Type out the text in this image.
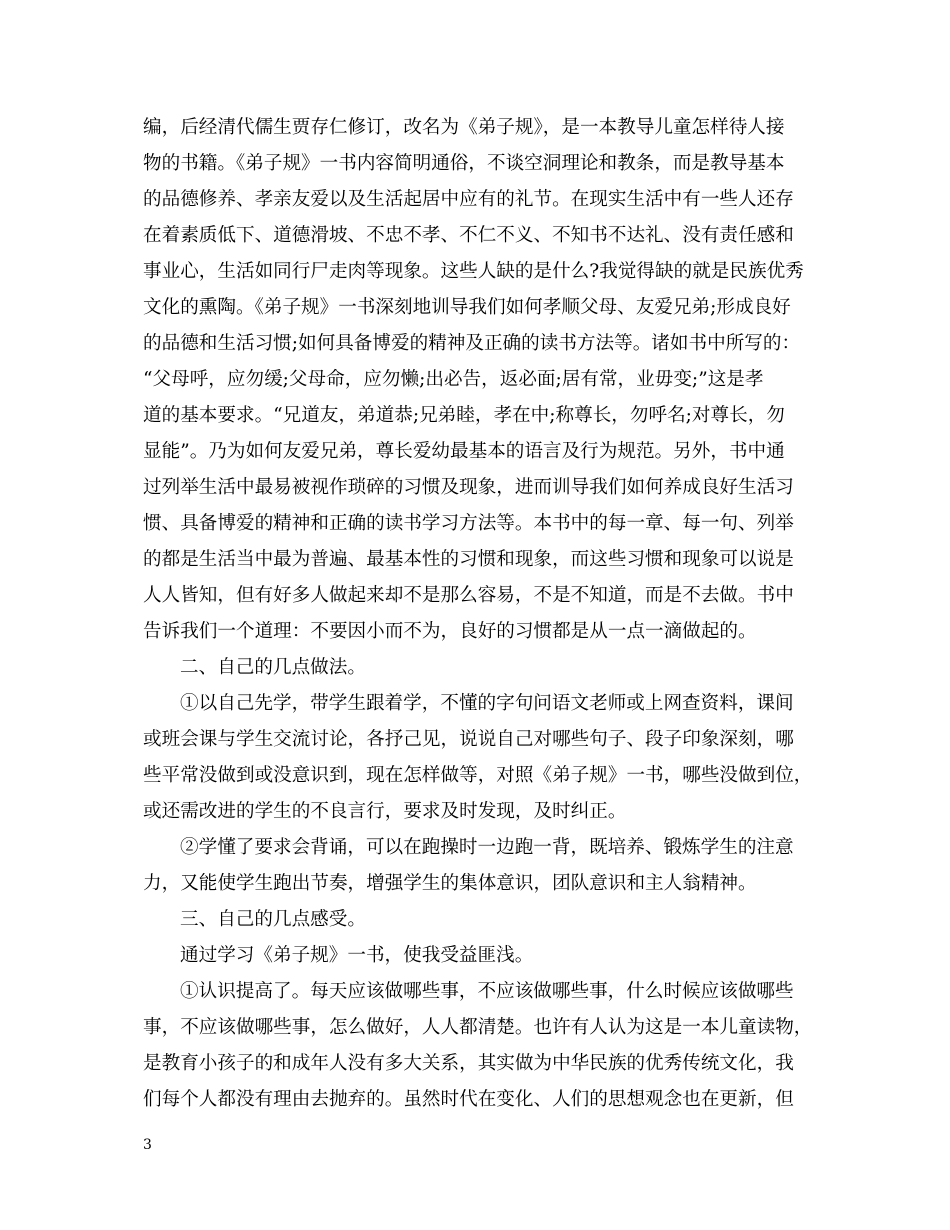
编，后经清代儒生贾存仁修订，改名为《弟子规》，是一本教导儿童怎样待人接
物的书籍。《弟子规》一书内容简明通俗，不谈空洞理论和教条，而是教导基本
的品德修养、孝亲友爱以及生活起居中应有的礼节。在现实生活中有一些人还存
在着素质低下、道德滑坡、不忠不孝、不仁不义、不知书不达礼、没有责任感和
事业心，生活如同行尸走肉等现象。这些人缺的是什么?我觉得缺的就是民族优秀
文化的熏陶。《弟子规》一书深刻地训导我们如何孝顺父母、友爱兄弟;形成良好
的品德和生活习惯;如何具备博爱的精神及正确的读书方法等。诸如书中所写的：
“父母呼，应勿缓;父母命，应勿懒;出必告，返必面;居有常，业毋变;”这是孝
道的基本要求。“兄道友，弟道恭;兄弟睦，孝在中;称尊长，勿呼名;对尊长，勿
显能”。乃为如何友爱兄弟，尊长爱幼最基本的语言及行为规范。另外，书中通
过列举生活中最易被视作琐碎的习惯及现象，进而训导我们如何养成良好生活习
惯、具备博爱的精神和正确的读书学习方法等。本书中的每一章、每一句、列举
的都是生活当中最为普遍、最基本性的习惯和现象，而这些习惯和现象可以说是
人人皆知，但有好多人做起来却不是那么容易，不是不知道，而是不去做。书中
告诉我们一个道理：不要因小而不为，良好的习惯都是从一点一滴做起的。
二、自己的几点做法。
①以自己先学，带学生跟着学，不懂的字句问语文老师或上网查资料，课间
或班会课与学生交流讨论，各抒己见，说说自己对哪些句子、段子印象深刻，哪
些平常没做到或没意识到，现在怎样做等，对照《弟子规》一书，哪些没做到位，
或还需改进的学生的不良言行，要求及时发现，及时纠正。
②学懂了要求会背诵，可以在跑操时一边跑一背，既培养、锻炼学生的注意
力，又能使学生跑出节奏，增强学生的集体意识，团队意识和主人翁精神。
三、自己的几点感受。
通过学习《弟子规》一书，使我受益匪浅。
①认识提高了。每天应该做哪些事，不应该做哪些事，什么时候应该做哪些
事，不应该做哪些事，怎么做好，人人都清楚。也许有人认为这是一本儿童读物，
是教育小孩子的和成年人没有多大关系，其实做为中华民族的优秀传统文化，我
们每个人都没有理由去抛弃的。虽然时代在变化、人们的思想观念也在更新，但
3
